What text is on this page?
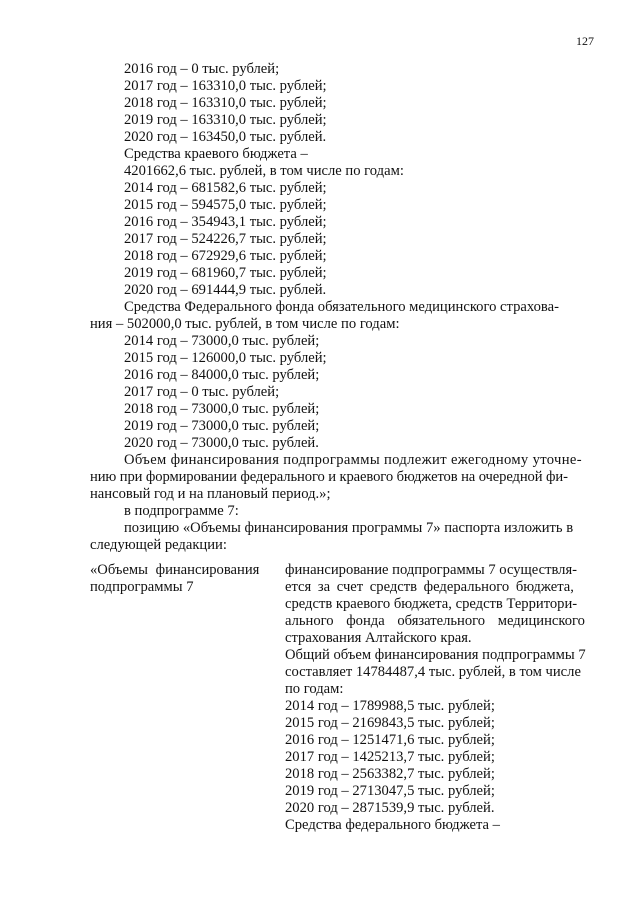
127
2016 год – 0 тыс. рублей;
2017 год – 163310,0 тыс. рублей;
2018 год – 163310,0 тыс. рублей;
2019 год – 163310,0 тыс. рублей;
2020 год – 163450,0 тыс. рублей.
Средства краевого бюджета –
4201662,6 тыс. рублей, в том числе по годам:
2014 год – 681582,6 тыс. рублей;
2015 год – 594575,0 тыс. рублей;
2016 год – 354943,1 тыс. рублей;
2017 год – 524226,7 тыс. рублей;
2018 год – 672929,6 тыс. рублей;
2019 год – 681960,7 тыс. рублей;
2020 год – 691444,9 тыс. рублей.
Средства Федерального фонда обязательного медицинского страхова-
ния – 502000,0 тыс. рублей, в том числе по годам:
2014 год – 73000,0 тыс. рублей;
2015 год – 126000,0 тыс. рублей;
2016 год – 84000,0 тыс. рублей;
2017 год – 0 тыс. рублей;
2018 год – 73000,0 тыс. рублей;
2019 год – 73000,0 тыс. рублей;
2020 год – 73000,0 тыс. рублей.
Объем финансирования подпрограммы подлежит ежегодному уточне-
нию при формировании федерального и краевого бюджетов на очередной фи-
нансовый год и на плановый период.»;
в подпрограмме 7:
позицию «Объемы финансирования программы 7» паспорта изложить в
следующей редакции:
«Объемы финансирования
подпрограммы 7
финансирование подпрограммы 7 осуществля-
ется за счет средств федерального бюджета,
средств краевого бюджета, средств Территори-
ального фонда обязательного медицинского
страхования Алтайского края.
Общий объем финансирования подпрограммы 7
составляет 14784487,4 тыс. рублей, в том числе
по годам:
2014 год – 1789988,5 тыс. рублей;
2015 год – 2169843,5 тыс. рублей;
2016 год – 1251471,6 тыс. рублей;
2017 год – 1425213,7 тыс. рублей;
2018 год – 2563382,7 тыс. рублей;
2019 год – 2713047,5 тыс. рублей;
2020 год – 2871539,9 тыс. рублей.
Средства федерального бюджета –
